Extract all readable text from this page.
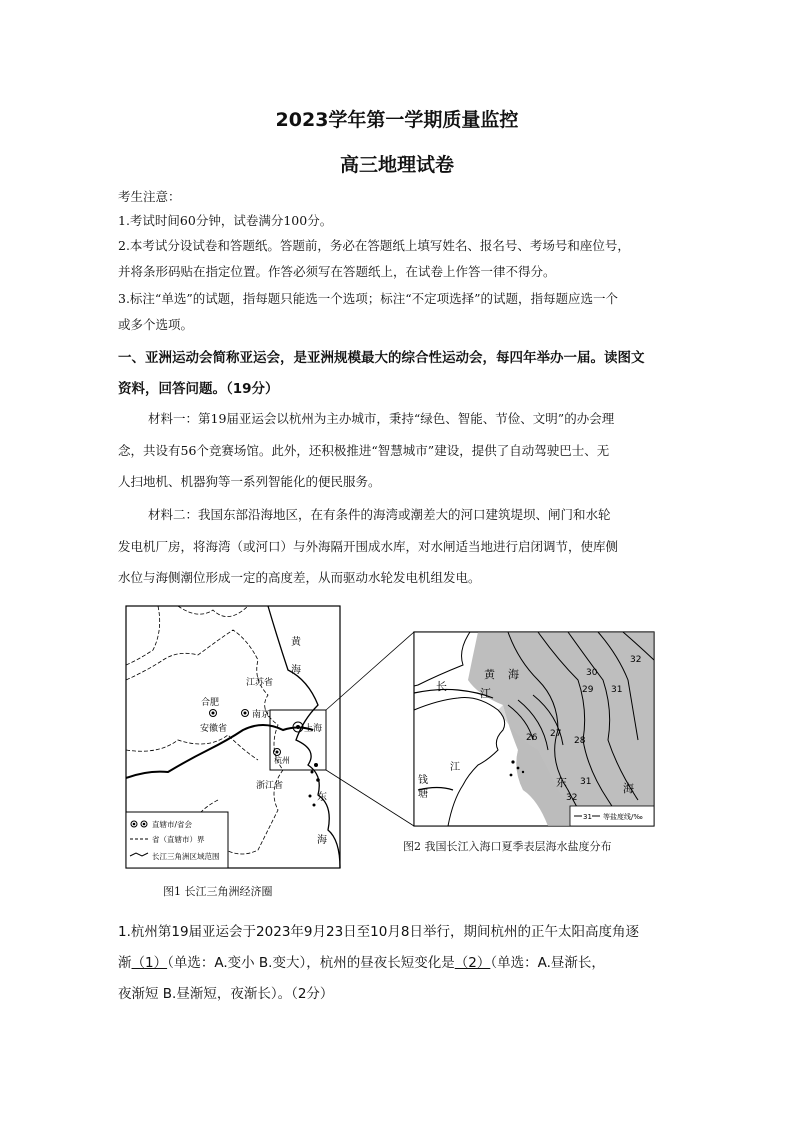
2023学年第一学期质量监控
高三地理试卷
考生注意：
1.考试时间60分钟，试卷满分100分。
2.本考试分设试卷和答题纸。答题前，务必在答题纸上填写姓名、报名号、考场号和座位号，
并将条形码贴在指定位置。作答必须写在答题纸上，在试卷上作答一律不得分。
3.标注“单选”的试题，指每题只能选一个选项；标注“不定项选择”的试题，指每题应选一个
或多个选项。
一、亚洲运动会简称亚运会，是亚洲规模最大的综合性运动会，每四年举办一届。读图文
资料，回答问题。（19分）
材料一：第19届亚运会以杭州为主办城市，秉持“绿色、智能、节俭、文明”的办会理
念，共设有56个竞赛场馆。此外，还积极推进“智慧城市”建设，提供了自动驾驶巴士、无
人扫地机、机器狗等一系列智能化的便民服务。
材料二：我国东部沿海地区，在有条件的海湾或潮差大的河口建筑堤坝、闸门和水轮
发电机厂房，将海湾（或河口）与外海隔开围成水库，对水闸适当地进行启闭调节，使库侧
水位与海侧潮位形成一定的高度差，从而驱动水轮发电机组发电。
黄
海
江苏省
合肥
南京
上海
安徽省
杭州
浙江省
东
海
直辖市/省会
省（直辖市）界
长江三角洲区域范围
长
江
黄 海
江
钱
塘
东	海
26 27
28
29
30
31
32
31
32
31 等盐度线/‰
图2 我国长江入海口夏季表层海水盐度分布
图1 长江三角洲经济圈
1.杭州第19届亚运会于2023年9月23日至10月8日举行，期间杭州的正午太阳高度角逐
渐（1）（单选：A.变小 B.变大），杭州的昼夜长短变化是（2）（单选：A.昼渐长，
夜渐短 B.昼渐短，夜渐长）。（2分）
